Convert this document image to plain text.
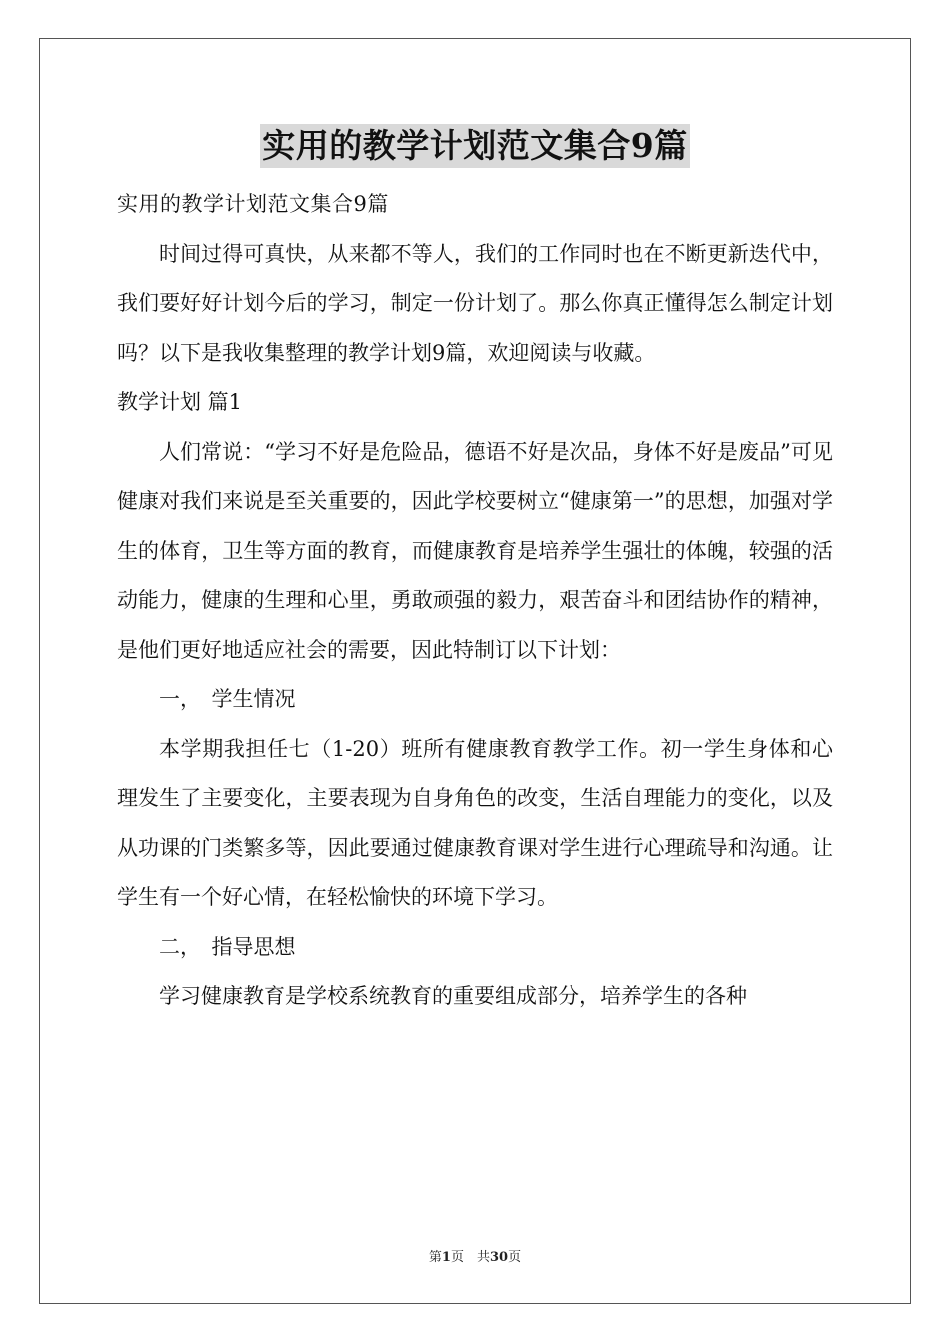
实用的教学计划范文集合9篇

实用的教学计划范文集合9篇

时间过得可真快，从来都不等人，我们的工作同时也在不断更新迭代中，我们要好好计划今后的学习，制定一份计划了。那么你真正懂得怎么制定计划吗？以下是我收集整理的教学计划9篇，欢迎阅读与收藏。

教学计划 篇1

人们常说：“学习不好是危险品，德语不好是次品，身体不好是废品”可见健康对我们来说是至关重要的，因此学校要树立“健康第一”的思想，加强对学生的体育，卫生等方面的教育，而健康教育是培养学生强壮的体魄，较强的活动能力，健康的生理和心里，勇敢顽强的毅力，艰苦奋斗和团结协作的精神，是他们更好地适应社会的需要，因此特制订以下计划：

一，　学生情况

本学期我担任七（1-20）班所有健康教育教学工作。初一学生身体和心理发生了主要变化，主要表现为自身角色的改变，生活自理能力的变化，以及从功课的门类繁多等，因此要通过健康教育课对学生进行心理疏导和沟通。让学生有一个好心情，在轻松愉快的环境下学习。

二，　指导思想

学习健康教育是学校系统教育的重要组成部分，培养学生的各种

第1页　共30页
